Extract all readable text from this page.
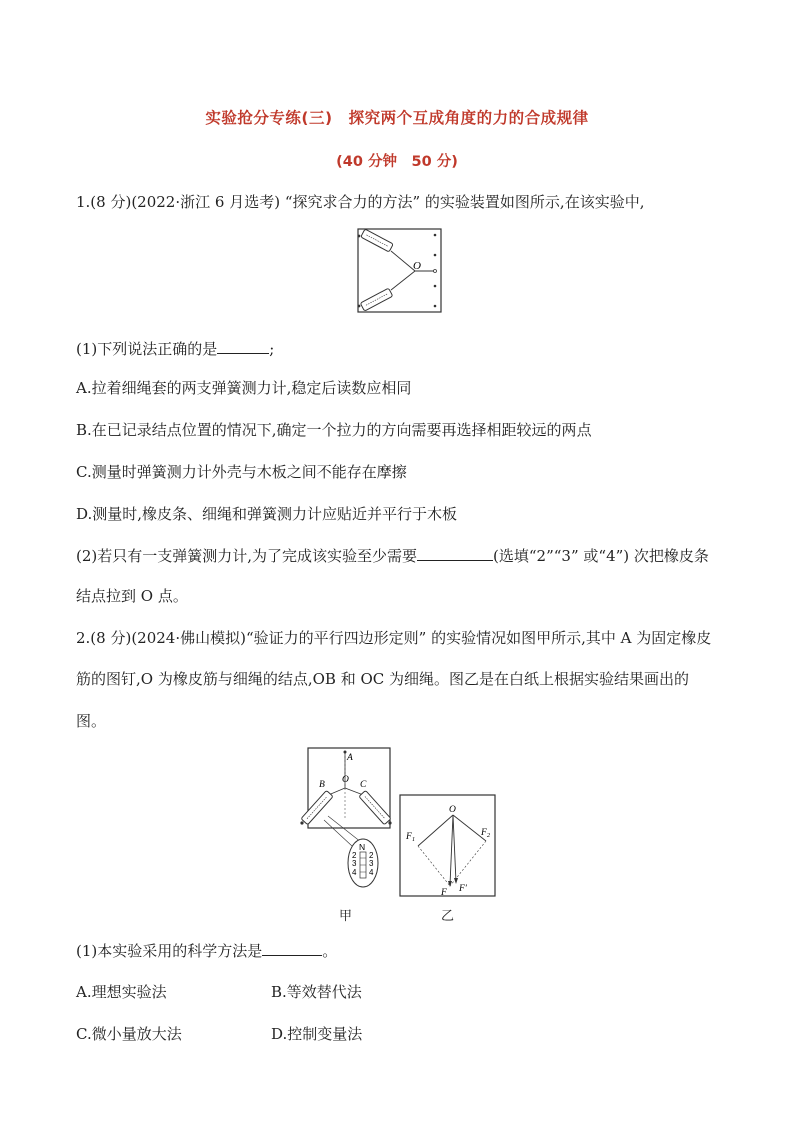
实验抢分专练(三)　探究两个互成角度的力的合成规律
(40 分钟　50 分)
1.(8 分)(2022·浙江 6 月选考) “探究求合力的方法” 的实验装置如图所示,在该实验中,
O
(1)下列说法正确的是	;
A.拉着细绳套的两支弹簧测力计,稳定后读数应相同
B.在已记录结点位置的情况下,确定一个拉力的方向需要再选择相距较远的两点
C.测量时弹簧测力计外壳与木板之间不能存在摩擦
D.测量时,橡皮条、细绳和弹簧测力计应贴近并平行于木板
(2)若只有一支弹簧测力计,为了完成该实验至少需要	(选填“2”“3” 或“4”) 次把橡皮条
结点拉到 O 点。
2.(8 分)(2024·佛山模拟)“验证力的平行四边形定则” 的实验情况如图甲所示,其中 A 为固定橡皮
筋的图钉,O 为橡皮筋与细绳的结点,OB 和 OC 为细绳。图乙是在白纸上根据实验结果画出的
图。
A
B	C
O
N
2
3
4
2
3
4
甲
O
$F_1$
$F_2$
F F′
乙
(1)本实验采用的科学方法是	。
A.理想实验法	B.等效替代法
C.微小量放大法	D.控制变量法
